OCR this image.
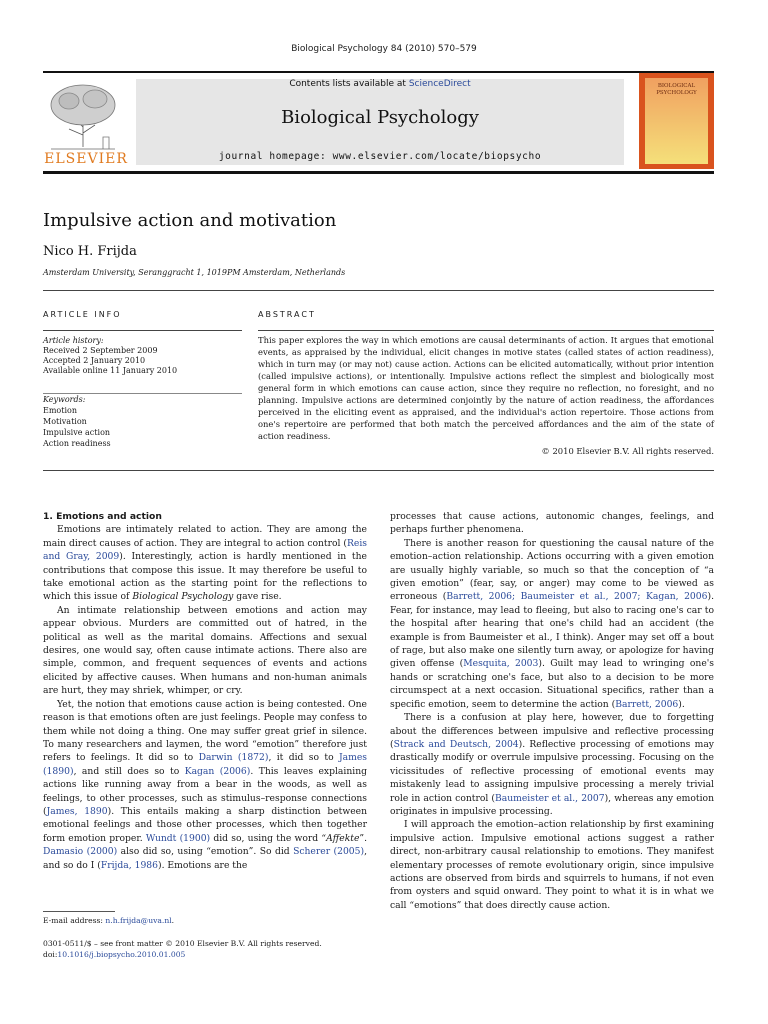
Biological Psychology 84 (2010) 570–579
ELSEVIER
Contents lists available at ScienceDirect
Biological Psychology
journal homepage: www.elsevier.com/locate/biopsycho
BIOLOGICAL
PSYCHOLOGY
Impulsive action and motivation
Nico H. Frijda
Amsterdam University, Seranggracht 1, 1019PM Amsterdam, Netherlands
ARTICLE INFO	ABSTRACT
Article history:
Received 2 September 2009
Accepted 2 January 2010
Available online 11 January 2010
Keywords:
Emotion
Motivation
Impulsive action
Action readiness
This paper explores the way in which emotions are causal determinants of action. It argues that emotional events, as appraised by the individual, elicit changes in motive states (called states of action readiness), which in turn may (or may not) cause action. Actions can be elicited automatically, without prior intention (called impulsive actions), or intentionally. Impulsive actions reflect the simplest and biologically most general form in which emotions can cause action, since they require no reflection, no foresight, and no planning. Impulsive actions are determined conjointly by the nature of action readiness, the affordances perceived in the eliciting event as appraised, and the individual's action repertoire. Those actions from one's repertoire are performed that both match the perceived affordances and the aim of the state of action readiness.
© 2010 Elsevier B.V. All rights reserved.

1. Emotions and action

Emotions are intimately related to action. They are among the main direct causes of action. They are integral to action control (Reis and Gray, 2009). Interestingly, action is hardly mentioned in the contributions that compose this issue. It may therefore be useful to take emotional action as the starting point for the reflections to which this issue of Biological Psychology gave rise.

An intimate relationship between emotions and action may appear obvious. Murders are committed out of hatred, in the political as well as the marital domains. Affections and sexual desires, one would say, often cause intimate actions. There also are simple, common, and frequent sequences of events and actions elicited by affective causes. When humans and non-human animals are hurt, they may shriek, whimper, or cry.

Yet, the notion that emotions cause action is being contested. One reason is that emotions often are just feelings. People may confess to them while not doing a thing. One may suffer great grief in silence. To many researchers and laymen, the word “emotion” therefore just refers to feelings. It did so to Darwin (1872), it did so to James (1890), and still does so to Kagan (2006). This leaves explaining actions like running away from a bear in the woods, as well as feelings, to other processes, such as stimulus–response connections (James, 1890). This entails making a sharp distinction between emotional feelings and those other processes, which then together form emotion proper. Wundt (1900) did so, using the word “Affekte”. Damasio (2000) also did so, using “emotion”. So did Scherer (2005), and so do I (Frijda, 1986). Emotions are the

processes that cause actions, autonomic changes, feelings, and perhaps further phenomena.

There is another reason for questioning the causal nature of the emotion–action relationship. Actions occurring with a given emotion are usually highly variable, so much so that the conception of “a given emotion” (fear, say, or anger) may come to be viewed as erroneous (Barrett, 2006; Baumeister et al., 2007; Kagan, 2006). Fear, for instance, may lead to fleeing, but also to racing one's car to the hospital after hearing that one's child had an accident (the example is from Baumeister et al., I think). Anger may set off a bout of rage, but also make one silently turn away, or apologize for having given offense (Mesquita, 2003). Guilt may lead to wringing one's hands or scratching one's face, but also to a decision to be more circumspect at a next occasion. Situational specifics, rather than a specific emotion, seem to determine the action (Barrett, 2006).

There is a confusion at play here, however, due to forgetting about the differences between impulsive and reflective processing (Strack and Deutsch, 2004). Reflective processing of emotions may drastically modify or overrule impulsive processing. Focusing on the vicissitudes of reflective processing of emotional events may mistakenly lead to assigning impulsive processing a merely trivial role in action control (Baumeister et al., 2007), whereas any emotion originates in impulsive processing.

I will approach the emotion–action relationship by first examining impulsive action. Impulsive emotional actions suggest a rather direct, non-arbitrary causal relationship to emotions. They manifest elementary processes of remote evolutionary origin, since impulsive actions are observed from birds and squirrels to humans, if not even from oysters and squid onward. They point to what it is in what we call “emotions” that does directly cause action.

E-mail address: n.h.frijda@uva.nl.
0301-0511/$ – see front matter © 2010 Elsevier B.V. All rights reserved.
doi:10.1016/j.biopsycho.2010.01.005
